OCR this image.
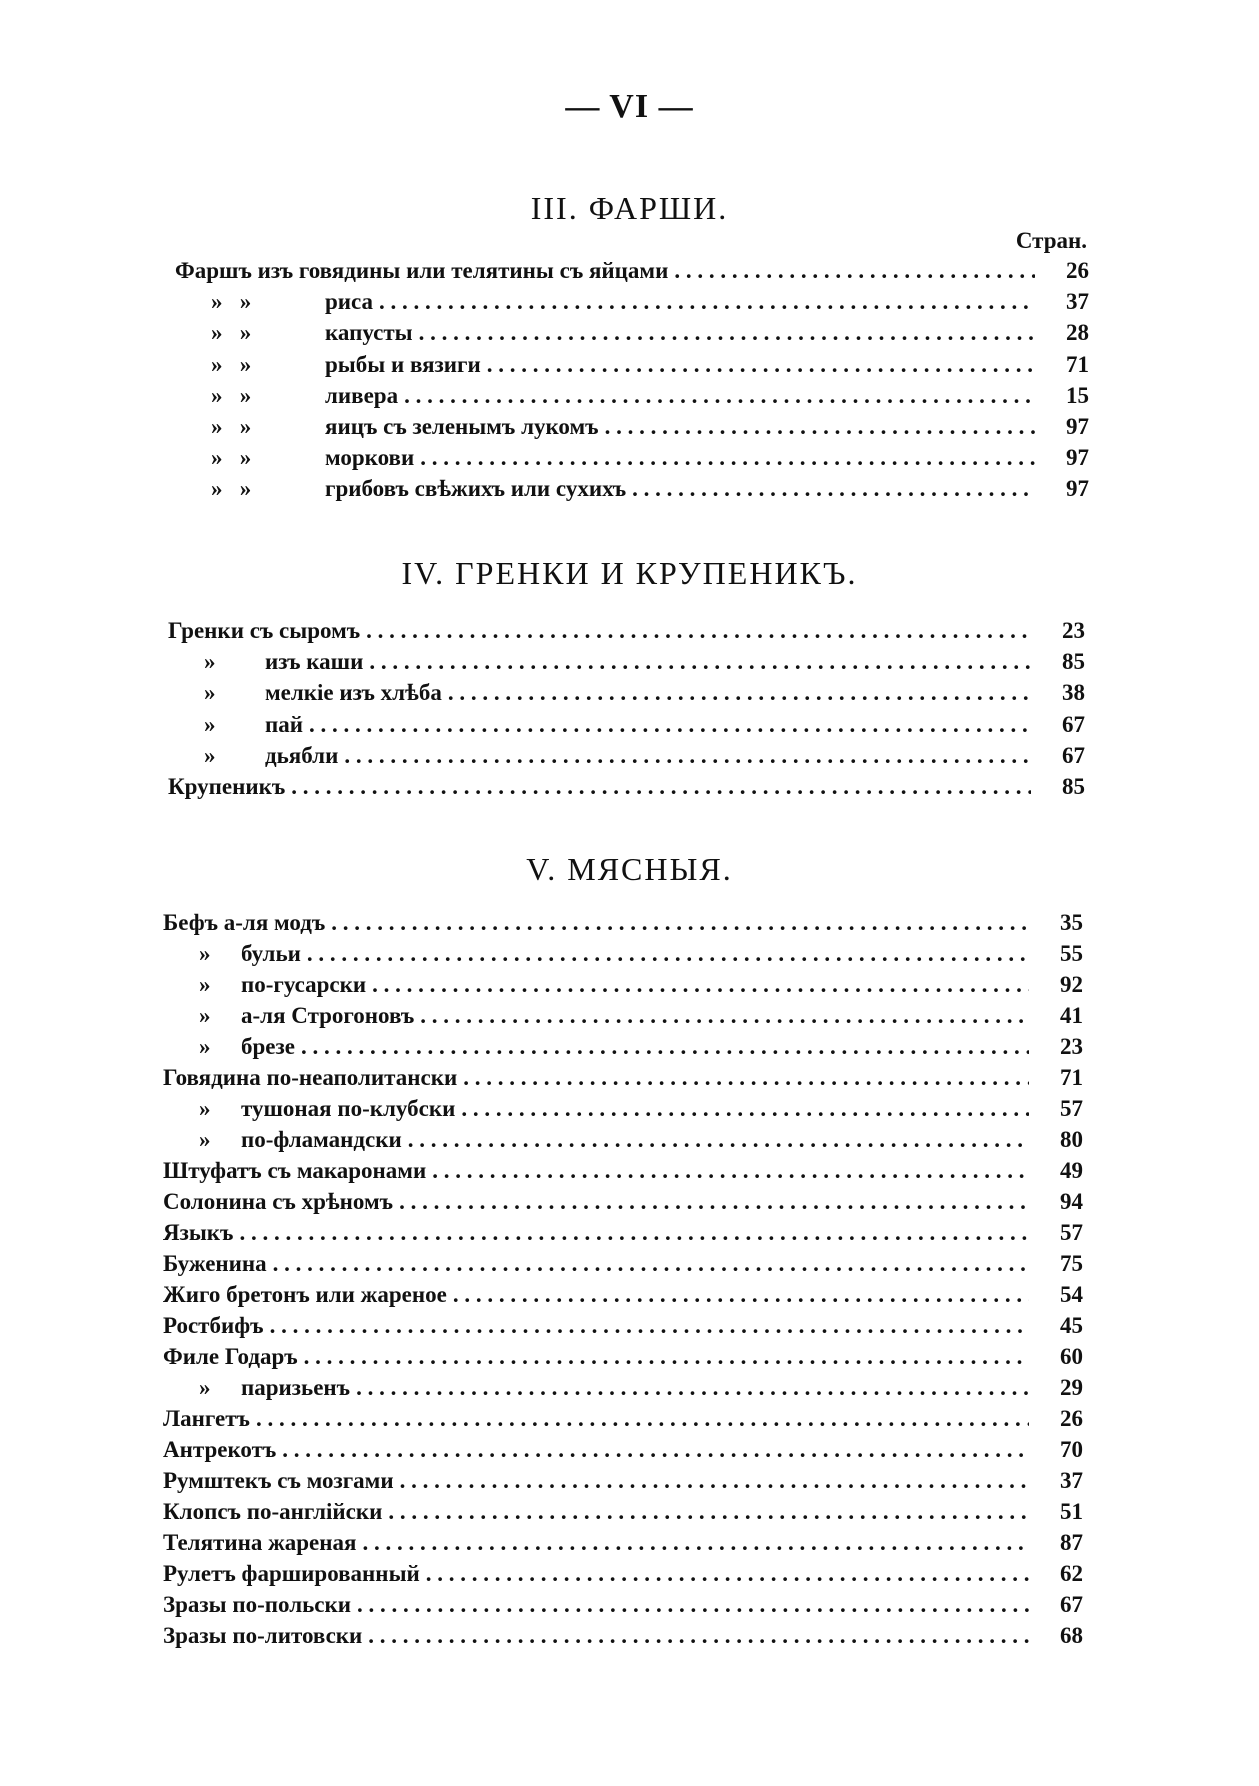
— VI —
III. ФАРШИ.
Стран.
Фаршъ изъ говядины или телятины съ яйцами . . .	26
»   »	риса . . .	37
»   »	капусты . . .	28
»   »	рыбы и вязиги . . .	71
»   »	ливера . . .	15
»   »	яицъ съ зеленымъ лукомъ . . .	97
»   »	моркови . . .	97
»   »	грибовъ свѣжихъ или сухихъ . . .	97
IV. ГРЕНКИ И КРУПЕНИКЪ.
Гренки съ сыромъ . . .	23
»	изъ каши . . .	85
»	мелкіе изъ хлѣба . . .	38
»	пай . . .	67
»	дьябли . . .	67
Крупеникъ . . .	85
V. МЯСНЫЯ.
Бефъ а-ля модъ . . .	35
»	бульи . . .	55
»	по-гусарски . . .	92
»	а-ля Строгоновъ . . .	41
»	брезе . . .	23
Говядина по-неаполитански . . .	71
»	тушоная по-клубски . . .	57
»	по-фламандски . . .	80
Штуфатъ съ макаронами . . .	49
Солонина съ хрѣномъ . . .	94
Языкъ . . .	57
Буженина . . .	75
Жиго бретонъ или жареное . . .	54
Ростбифъ . . .	45
Филе Годаръ . . .	60
»	паризьенъ . . .	29
Лангетъ . . .	26
Антрекотъ . . .	70
Румштекъ съ мозгами . . .	37
Клопсъ по-англійски . . .	51
Телятина жареная . . .	87
Рулетъ фаршированный . . .	62
Зразы по-польски . . .	67
Зразы по-литовски . . .	68
